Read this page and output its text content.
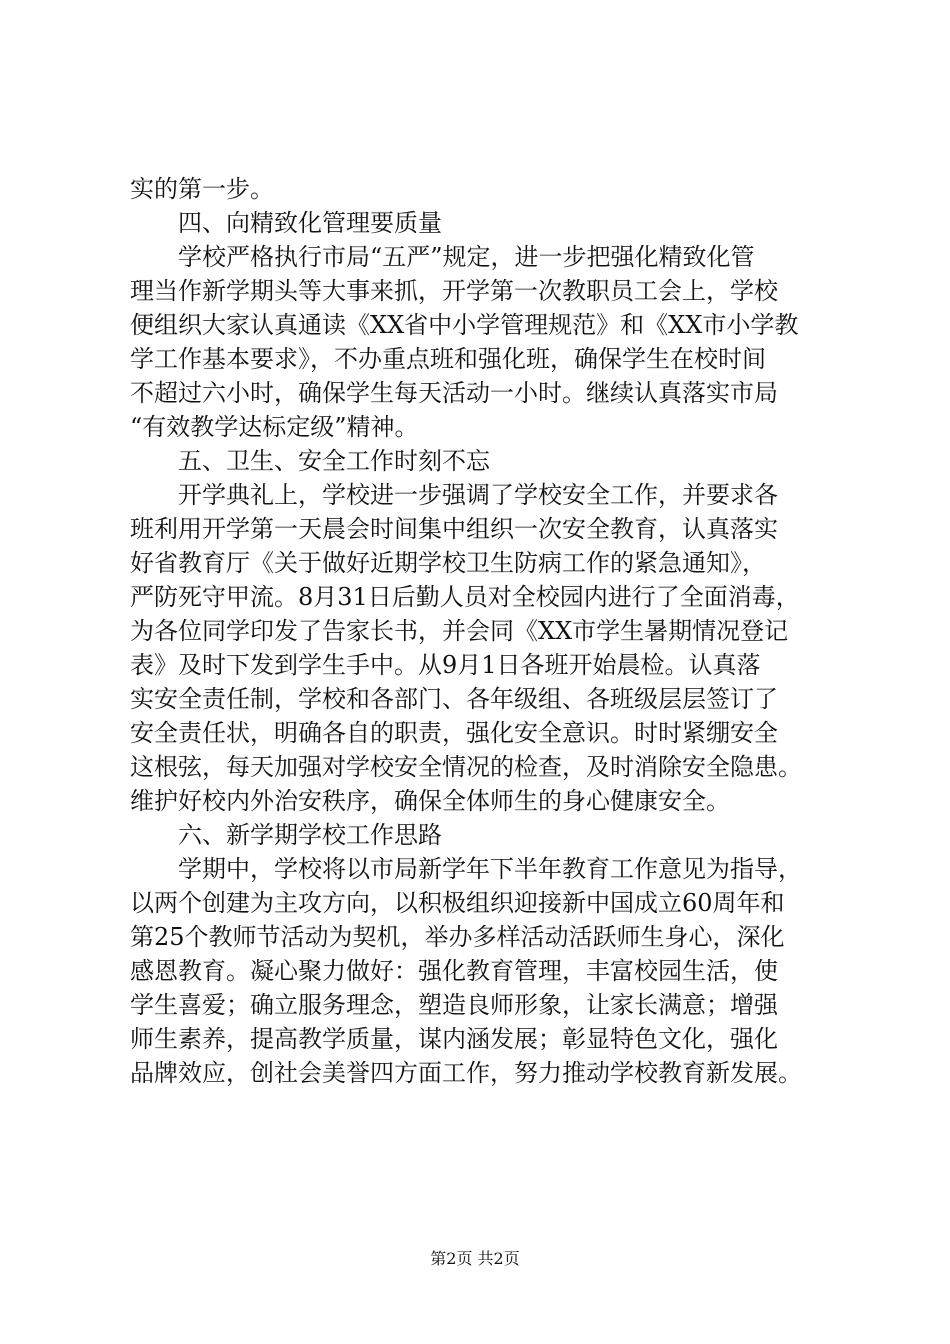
实的第一步。
四、向精致化管理要质量
学校严格执行市局“五严”规定，进一步把强化精致化管
理当作新学期头等大事来抓，开学第一次教职员工会上，学校
便组织大家认真通读《XX省中小学管理规范》和《XX市小学教
学工作基本要求》，不办重点班和强化班，确保学生在校时间
不超过六小时，确保学生每天活动一小时。继续认真落实市局
“有效教学达标定级”精神。
五、卫生、安全工作时刻不忘
开学典礼上，学校进一步强调了学校安全工作，并要求各
班利用开学第一天晨会时间集中组织一次安全教育，认真落实
好省教育厅《关于做好近期学校卫生防病工作的紧急通知》，
严防死守甲流。8月31日后勤人员对全校园内进行了全面消毒，
为各位同学印发了告家长书，并会同《XX市学生暑期情况登记
表》及时下发到学生手中。从9月1日各班开始晨检。认真落
实安全责任制，学校和各部门、各年级组、各班级层层签订了
安全责任状，明确各自的职责，强化安全意识。时时紧绷安全
这根弦，每天加强对学校安全情况的检查，及时消除安全隐患。
维护好校内外治安秩序，确保全体师生的身心健康安全。
六、新学期学校工作思路
学期中，学校将以市局新学年下半年教育工作意见为指导，
以两个创建为主攻方向，以积极组织迎接新中国成立60周年和
第25个教师节活动为契机，举办多样活动活跃师生身心，深化
感恩教育。凝心聚力做好：强化教育管理，丰富校园生活，使
学生喜爱；确立服务理念，塑造良师形象，让家长满意；增强
师生素养，提高教学质量，谋内涵发展；彰显特色文化，强化
品牌效应，创社会美誉四方面工作，努力推动学校教育新发展。
第2页 共2页
